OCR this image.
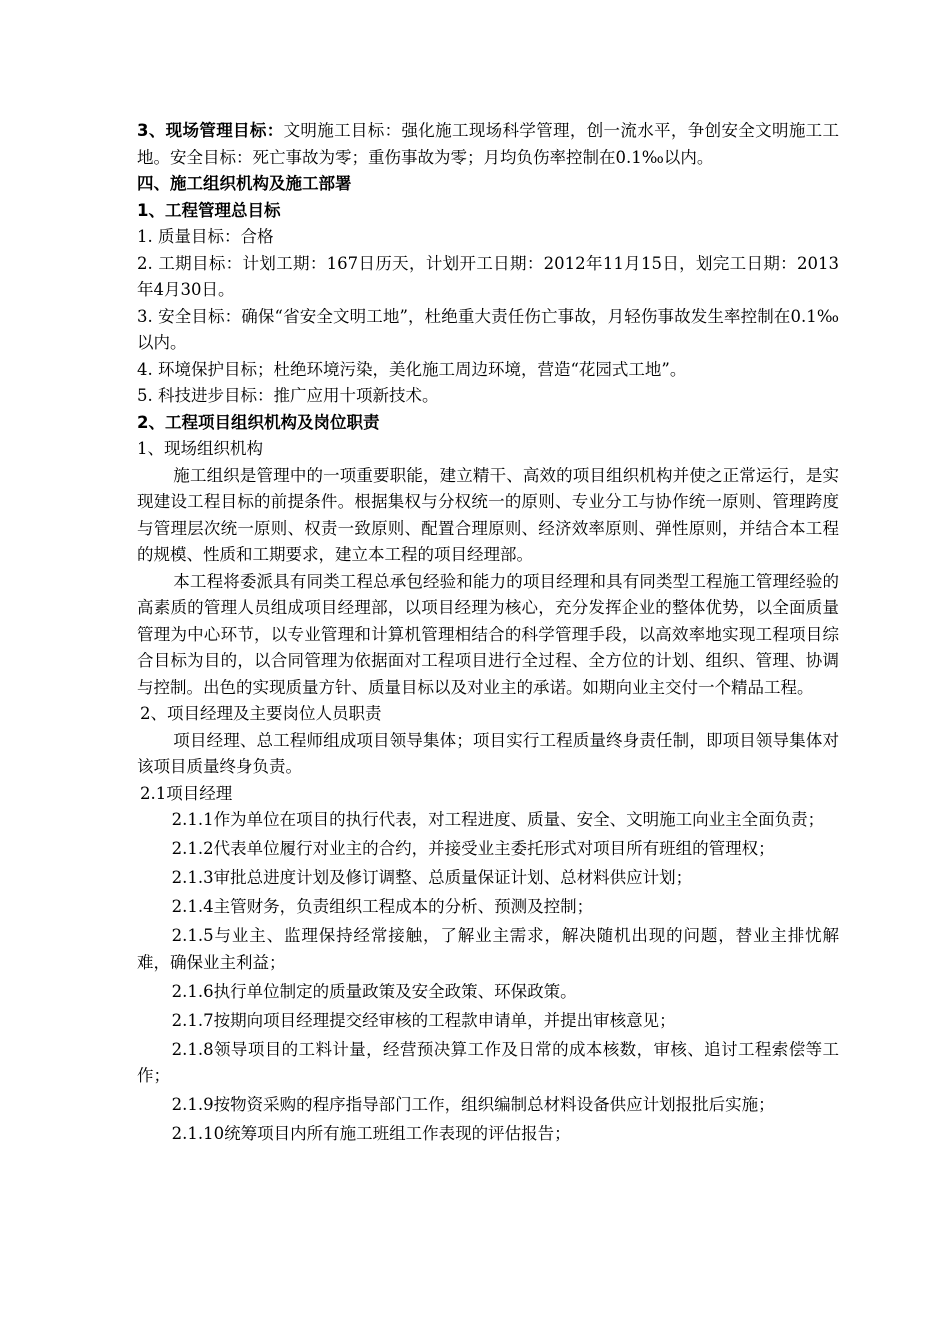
3、现场管理目标：文明施工目标：强化施工现场科学管理，创一流水平，争创安全文明施工工地。安全目标：死亡事故为零；重伤事故为零；月均负伤率控制在0.1‰以内。

四、施工组织机构及施工部署

1、工程管理总目标

1. 质量目标：合格

2. 工期目标：计划工期：167日历天，计划开工日期：2012年11月15日，划完工日期：2013年4月30日。

3. 安全目标：确保“省安全文明工地”，杜绝重大责任伤亡事故，月轻伤事故发生率控制在0.1‰以内。

4. 环境保护目标；杜绝环境污染，美化施工周边环境，营造“花园式工地”。

5. 科技进步目标：推广应用十项新技术。

2、工程项目组织机构及岗位职责

1、现场组织机构

施工组织是管理中的一项重要职能，建立精干、高效的项目组织机构并使之正常运行，是实现建设工程目标的前提条件。根据集权与分权统一的原则、专业分工与协作统一原则、管理跨度与管理层次统一原则、权责一致原则、配置合理原则、经济效率原则、弹性原则，并结合本工程的规模、性质和工期要求，建立本工程的项目经理部。

本工程将委派具有同类工程总承包经验和能力的项目经理和具有同类型工程施工管理经验的高素质的管理人员组成项目经理部，以项目经理为核心，充分发挥企业的整体优势，以全面质量管理为中心环节，以专业管理和计算机管理相结合的科学管理手段，以高效率地实现工程项目综合目标为目的，以合同管理为依据面对工程项目进行全过程、全方位的计划、组织、管理、协调与控制。出色的实现质量方针、质量目标以及对业主的承诺。如期向业主交付一个精品工程。

2、项目经理及主要岗位人员职责

项目经理、总工程师组成项目领导集体；项目实行工程质量终身责任制，即项目领导集体对该项目质量终身负责。

2.1项目经理

2.1.1作为单位在项目的执行代表，对工程进度、质量、安全、文明施工向业主全面负责；

2.1.2代表单位履行对业主的合约，并接受业主委托形式对项目所有班组的管理权；

2.1.3审批总进度计划及修订调整、总质量保证计划、总材料供应计划；

2.1.4主管财务，负责组织工程成本的分析、预测及控制；

2.1.5与业主、监理保持经常接触，了解业主需求，解决随机出现的问题，替业主排忧解难，确保业主利益；

2.1.6执行单位制定的质量政策及安全政策、环保政策。

2.1.7按期向项目经理提交经审核的工程款申请单，并提出审核意见；

2.1.8领导项目的工料计量，经营预决算工作及日常的成本核数，审核、追讨工程索偿等工作；

2.1.9按物资采购的程序指导部门工作，组织编制总材料设备供应计划报批后实施；

2.1.10统筹项目内所有施工班组工作表现的评估报告；
